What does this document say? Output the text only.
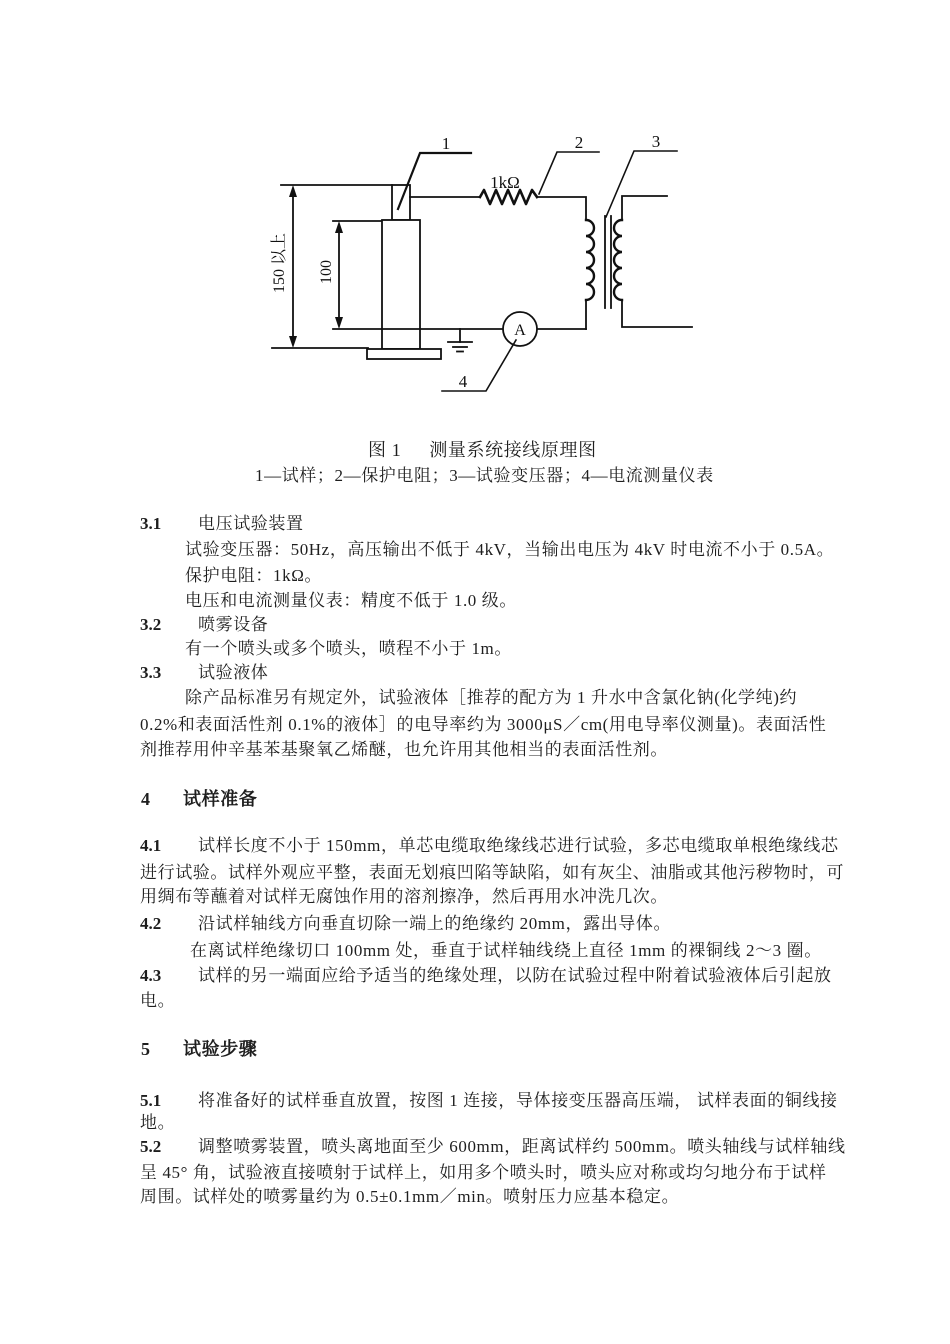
150 以上 100
A
1kΩ
1	2	3
4
图 1 测量系统接线原理图
1—试样；2—保护电阻；3—试验变压器；4—电流测量仪表
3.1 电压试验装置
试验变压器：50Hz，高压输出不低于 4kV，当输出电压为 4kV 时电流不小于 0.5A。
保护电阻：1kΩ。
电压和电流测量仪表：精度不低于 1.0 级。
3.2 喷雾设备
有一个喷头或多个喷头，喷程不小于 1m。
3.3 试验液体
除产品标准另有规定外，试验液体［推荐的配方为 1 升水中含氯化钠(化学纯)约
0.2%和表面活性剂 0.1%的液体］的电导率约为 3000μS／cm(用电导率仪测量)。表面活性
剂推荐用仲辛基苯基聚氧乙烯醚，也允许用其他相当的表面活性剂。
4 试样准备
4.1 试样长度不小于 150mm，单芯电缆取绝缘线芯进行试验，多芯电缆取单根绝缘线芯
进行试验。试样外观应平整，表面无划痕凹陷等缺陷，如有灰尘、油脂或其他污秽物时，可
用绸布等蘸着对试样无腐蚀作用的溶剂擦净，然后再用水冲洗几次。
4.2 沿试样轴线方向垂直切除一端上的绝缘约 20mm，露出导体。
在离试样绝缘切口 100mm 处，垂直于试样轴线绕上直径 1mm 的裸铜线 2～3 圈。
4.3 试样的另一端面应给予适当的绝缘处理，以防在试验过程中附着试验液体后引起放
电。
5 试验步骤
5.1 将准备好的试样垂直放置，按图 1 连接，导体接变压器高压端， 试样表面的铜线接
地。
5.2 调整喷雾装置，喷头离地面至少 600mm，距离试样约 500mm。喷头轴线与试样轴线
呈 45° 角，试验液直接喷射于试样上，如用多个喷头时，喷头应对称或均匀地分布于试样
周围。试样处的喷雾量约为 0.5±0.1mm／min。喷射压力应基本稳定。
